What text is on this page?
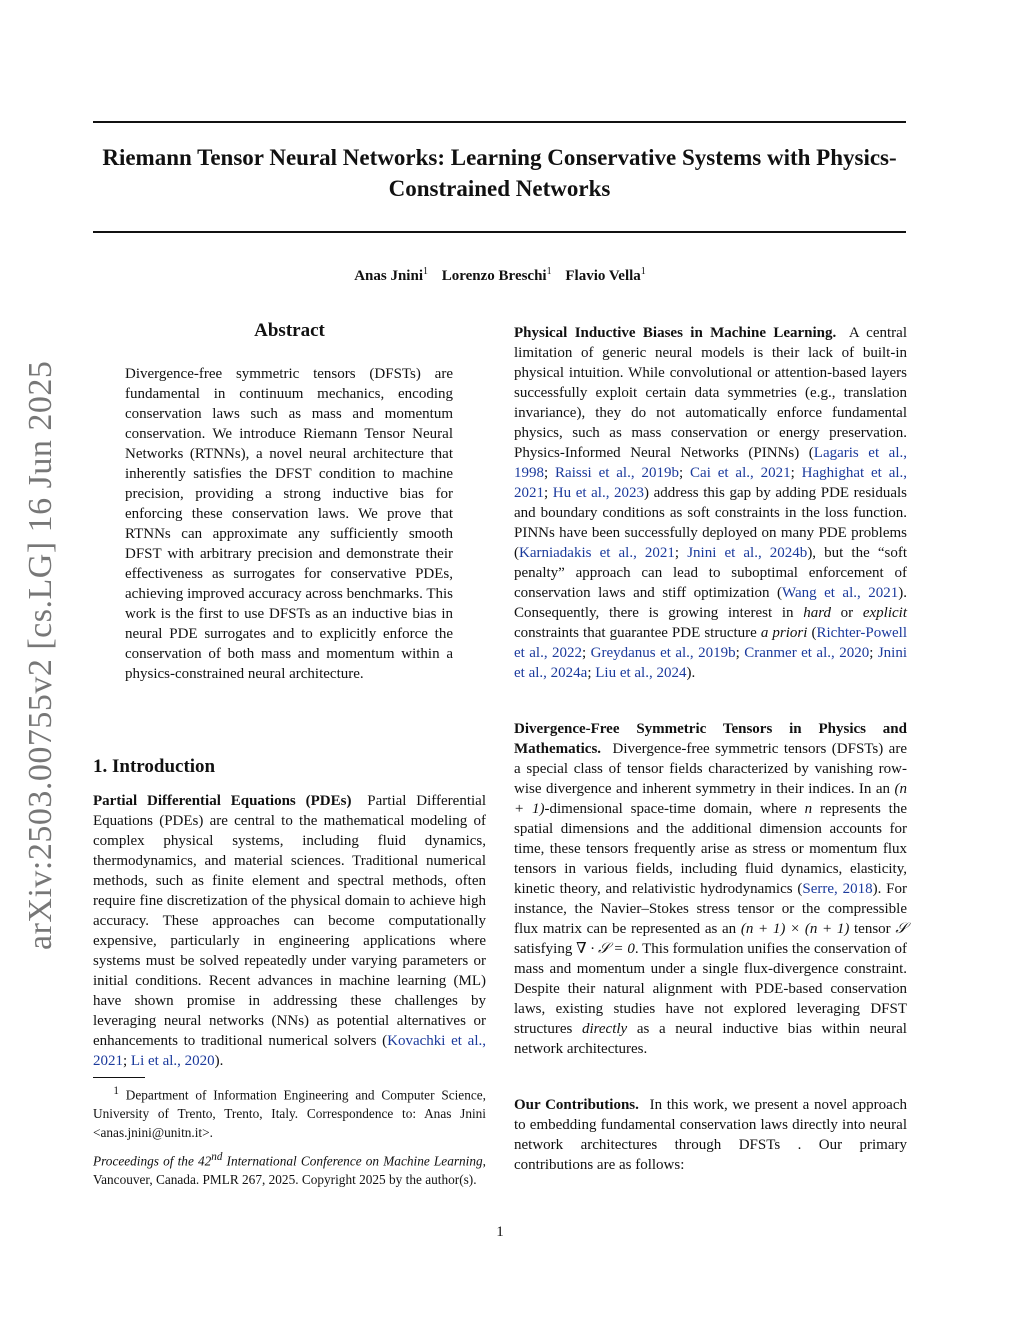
Riemann Tensor Neural Networks: Learning Conservative Systems with Physics-Constrained Networks
Anas Jnini$^1$ Lorenzo Breschi$^1$ Flavio Vella$^1$
arXiv:2503.00755v2 [cs.LG] 16 Jun 2025
Abstract
Divergence-free symmetric tensors (DFSTs) are fundamental in continuum mechanics, encoding conservation laws such as mass and momentum conservation. We introduce Riemann Tensor Neural Networks (RTNNs), a novel neural architecture that inherently satisfies the DFST condition to machine precision, providing a strong inductive bias for enforcing these conservation laws. We prove that RTNNs can approximate any sufficiently smooth DFST with arbitrary precision and demonstrate their effectiveness as surrogates for conservative PDEs, achieving improved accuracy across benchmarks. This work is the first to use DFSTs as an inductive bias in neural PDE surrogates and to explicitly enforce the conservation of both mass and momentum within a physics-constrained neural architecture.
1. Introduction
Partial Differential Equations (PDEs) Partial Differential Equations (PDEs) are central to the mathematical modeling of complex physical systems, including fluid dynamics, thermodynamics, and material sciences. Traditional numerical methods, such as finite element and spectral methods, often require fine discretization of the physical domain to achieve high accuracy. These approaches can become computationally expensive, particularly in engineering applications where systems must be solved repeatedly under varying parameters or initial conditions. Recent advances in machine learning (ML) have shown promise in addressing these challenges by leveraging neural networks (NNs) as potential alternatives or enhancements to traditional numerical solvers (Kovachki et al., 2021; Li et al., 2020).
$^1$ Department of Information Engineering and Computer Science, University of Trento, Trento, Italy. Correspondence to: Anas Jnini <anas.jnini@unitn.it>.
Proceedings of the 42nd International Conference on Machine Learning, Vancouver, Canada. PMLR 267, 2025. Copyright 2025 by the author(s).

Physical Inductive Biases in Machine Learning. A central limitation of generic neural models is their lack of built-in physical intuition. While convolutional or attention-based layers successfully exploit certain data symmetries (e.g., translation invariance), they do not automatically enforce fundamental physics, such as mass conservation or energy preservation. Physics-Informed Neural Networks (PINNs) (Lagaris et al., 1998; Raissi et al., 2019b; Cai et al., 2021; Haghighat et al., 2021; Hu et al., 2023) address this gap by adding PDE residuals and boundary conditions as soft constraints in the loss function. PINNs have been successfully deployed on many PDE problems (Karniadakis et al., 2021; Jnini et al., 2024b), but the “soft penalty” approach can lead to suboptimal enforcement of conservation laws and stiff optimization (Wang et al., 2021). Consequently, there is growing interest in hard or explicit constraints that guarantee PDE structure a priori (Richter-Powell et al., 2022; Greydanus et al., 2019b; Cranmer et al., 2020; Jnini et al., 2024a; Liu et al., 2024).

Divergence-Free Symmetric Tensors in Physics and Mathematics. Divergence-free symmetric tensors (DFSTs) are a special class of tensor fields characterized by vanishing row-wise divergence and inherent symmetry in their indices. In an (n + 1)-dimensional space-time domain, where n represents the spatial dimensions and the additional dimension accounts for time, these tensors frequently arise as stress or momentum flux tensors in various fields, including fluid dynamics, elasticity, kinetic theory, and relativistic hydrodynamics (Serre, 2018). For instance, the Navier–Stokes stress tensor or the compressible flux matrix can be represented as an (n + 1) × (n + 1) tensor 𝒮 satisfying ∇ · 𝒮 = 0. This formulation unifies the conservation of mass and momentum under a single flux-divergence constraint. Despite their natural alignment with PDE-based conservation laws, existing studies have not explored leveraging DFST structures directly as a neural inductive bias within neural network architectures.

Our Contributions. In this work, we present a novel approach to embedding fundamental conservation laws directly into neural network architectures through DFSTs . Our primary contributions are as follows:

1
